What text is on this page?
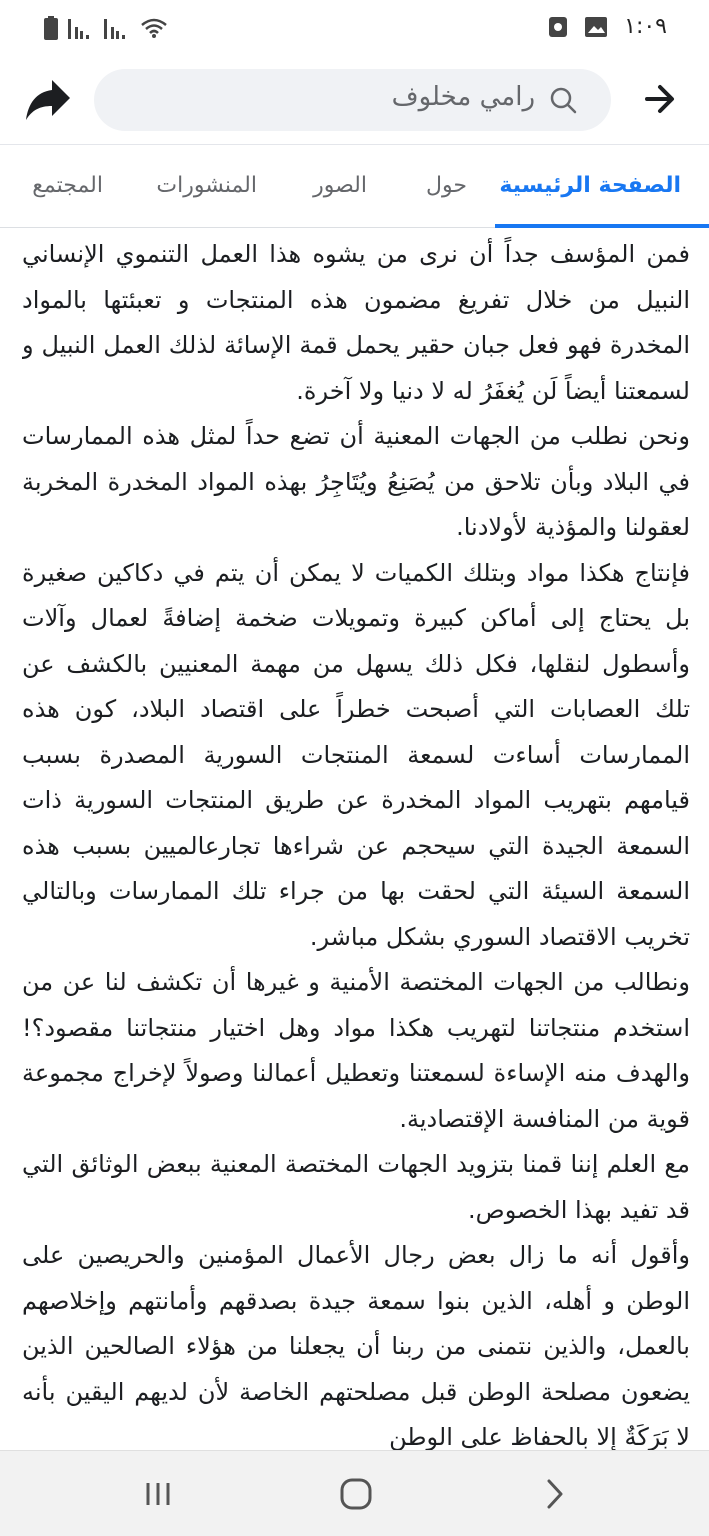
١:٠٩
رامي مخلوف
الصفحة الرئيسية
حول
الصور
المنشورات
المجتمع

فمن المؤسف جداً أن نرى من يشوه هذا العمل التنموي الإنساني النبيل من خلال تفريغ مضمون هذه المنتجات و تعبئتها بالمواد المخدرة فهو فعل جبان حقير يحمل قمة الإسائة لذلك العمل النبيل و لسمعتنا أيضاً لَن يُغفَرُ له لا دنيا ولا آخرة.

ونحن نطلب من الجهات المعنية أن تضع حداً لمثل هذه الممارسات في البلاد وبأن تلاحق من يُصَنِعُ ويُتَاجِرُ بهذه المواد المخدرة المخربة لعقولنا والمؤذية لأولادنا.

فإنتاج هكذا مواد وبتلك الكميات لا يمكن أن يتم في دكاكين صغيرة بل يحتاج إلى أماكن كبيرة وتمويلات ضخمة إضافةً لعمال وآلات وأسطول لنقلها، فكل ذلك يسهل من مهمة المعنيين بالكشف عن تلك العصابات التي أصبحت خطراً على اقتصاد البلاد، كون هذه الممارسات أساءت لسمعة المنتجات السورية المصدرة بسبب قيامهم بتهريب المواد المخدرة عن طريق المنتجات السورية ذات السمعة الجيدة التي سيحجم عن شراءها تجارعالميين بسبب هذه السمعة السيئة التي لحقت بها من جراء تلك الممارسات وبالتالي تخريب الاقتصاد السوري بشكل مباشر.

ونطالب من الجهات المختصة الأمنية و غيرها أن تكشف لنا عن من استخدم منتجاتنا لتهريب هكذا مواد وهل اختيار منتجاتنا مقصود؟! والهدف منه الإساءة لسمعتنا وتعطيل أعمالنا وصولاً لإخراج مجموعة قوية من المنافسة الإقتصادية.

مع العلم إننا قمنا بتزويد الجهات المختصة المعنية ببعض الوثائق التي قد تفيد بهذا الخصوص.

وأقول أنه ما زال بعض رجال الأعمال المؤمنين والحريصين على الوطن و أهله، الذين بنوا سمعة جيدة بصدقهم وأمانتهم وإخلاصهم بالعمل، والذين نتمنى من ربنا أن يجعلنا من هؤلاء الصالحين الذين يضعون مصلحة الوطن قبل مصلحتهم الخاصة لأن لديهم اليقين بأنه لا بَرَكَةٌ إلا بالحفاظ على الوطن
